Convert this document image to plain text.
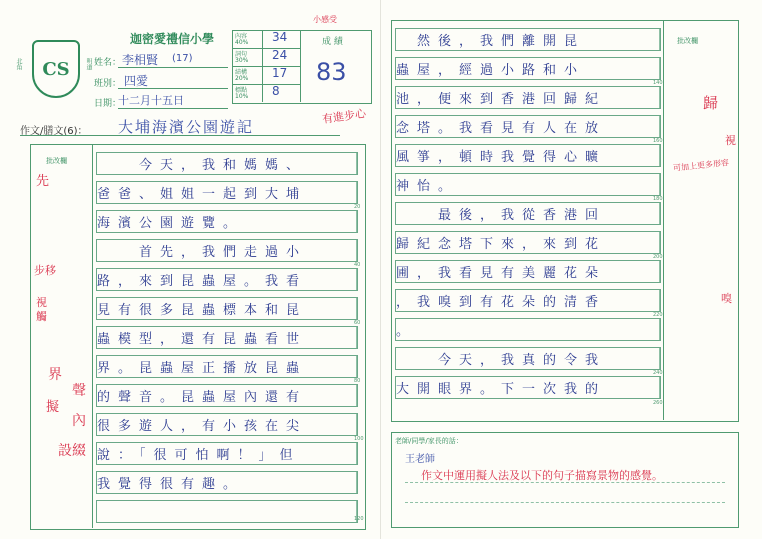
CS
北角	明道
迦密愛禮信小學
姓名： 李相賢 (17)
班別： 四愛
日期：
十二月十五日
內容
40% 34
詞句
30% 24
結構
20% 17
標點
10% 8
成 績
83
有進步心
作文/膳文(6)： 大埔海濱公園遊記
批改欄 　　今天，我和媽媽、
爸爸、姐姐一起到大埔
海濱公園遊覽。
　　首先，我們走過小
路，來到昆蟲屋。我看
見有很多昆蟲標本和昆
蟲模型，還有昆蟲看世
界。昆蟲屋正播放昆蟲
的聲音。昆蟲屋內還有
很多遊人，有小孩在尖
說：「很可怕啊！」但
我覺得很有趣。
20
40
60
80
100
120
先
步移
視
觸
界
聲
內
設
擬
綴
小感受
批改欄
　然後，我們離開昆
蟲屋，經過小路和小
池，便來到香港回歸紀
念塔。我看見有人在放
風箏，頓時我覺得心曠
神怡。
　　最後，我從香港回
歸紀念塔下來，來到花
圃，我看見有美麗花朵
，我嗅到有花朵的清香
。
　　今天，我真的令我
大開眼界。下一次我的
140
160
180
200
220
240
260
歸
視
可加上更多形容
嗅
老師/同學/家長的話：
王老師
作文中運用擬人法及以下的句子描寫景物的感覺。
